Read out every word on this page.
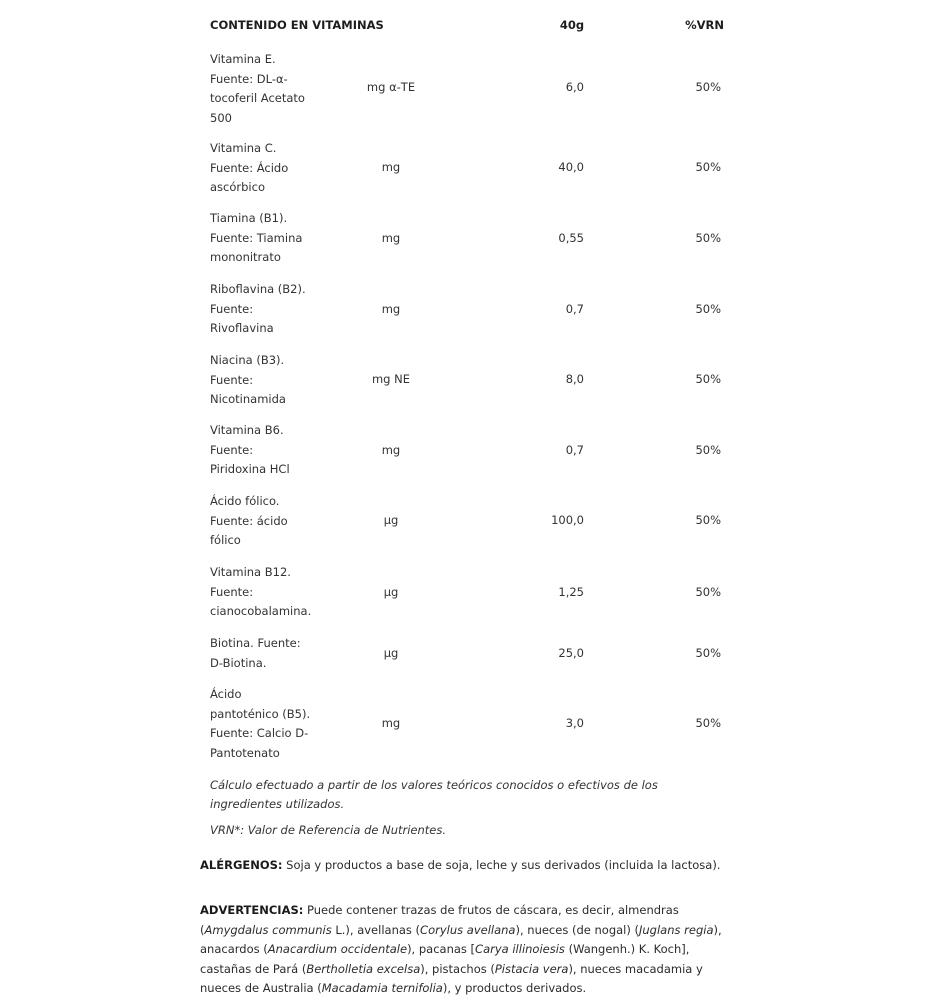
CONTENIDO EN VITAMINAS	40g	%VRN
Vitamina E.
Fuente: DL-α-
tocoferil Acetato
500
mg α-TE	6,0	50%
Vitamina C.
Fuente: Ácido
ascórbico
mg	40,0	50%
Tiamina (B1).
Fuente: Tiamina
mononitrato
mg	0,55	50%
Riboflavina (B2).
Fuente:
Rivoflavina
mg	0,7	50%
Niacina (B3).
Fuente:
Nicotinamida
mg NE	8,0	50%
Vitamina B6.
Fuente:
Piridoxina HCl
mg	0,7	50%
Ácido fólico.
Fuente: ácido
fólico
µg	100,0	50%
Vitamina B12.
Fuente:
cianocobalamina.
µg	1,25	50%
Biotina. Fuente:
D-Biotina.
µg	25,0	50%
Ácido
pantoténico (B5).
Fuente: Calcio D-
Pantotenato
mg	3,0	50%
Cálculo efectuado a partir de los valores teóricos conocidos o efectivos de los ingredientes utilizados.
VRN*: Valor de Referencia de Nutrientes.
ALÉRGENOS: Soja y productos a base de soja, leche y sus derivados (incluida la lactosa).
ADVERTENCIAS: Puede contener trazas de frutos de cáscara, es decir, almendras (Amygdalus communis L.), avellanas (Corylus avellana), nueces (de nogal) (Juglans regia), anacardos (Anacardium occidentale), pacanas [Carya illinoiesis (Wangenh.) K. Koch], castañas de Pará (Bertholletia excelsa), pistachos (Pistacia vera), nueces macadamia y nueces de Australia (Macadamia ternifolia), y productos derivados.
